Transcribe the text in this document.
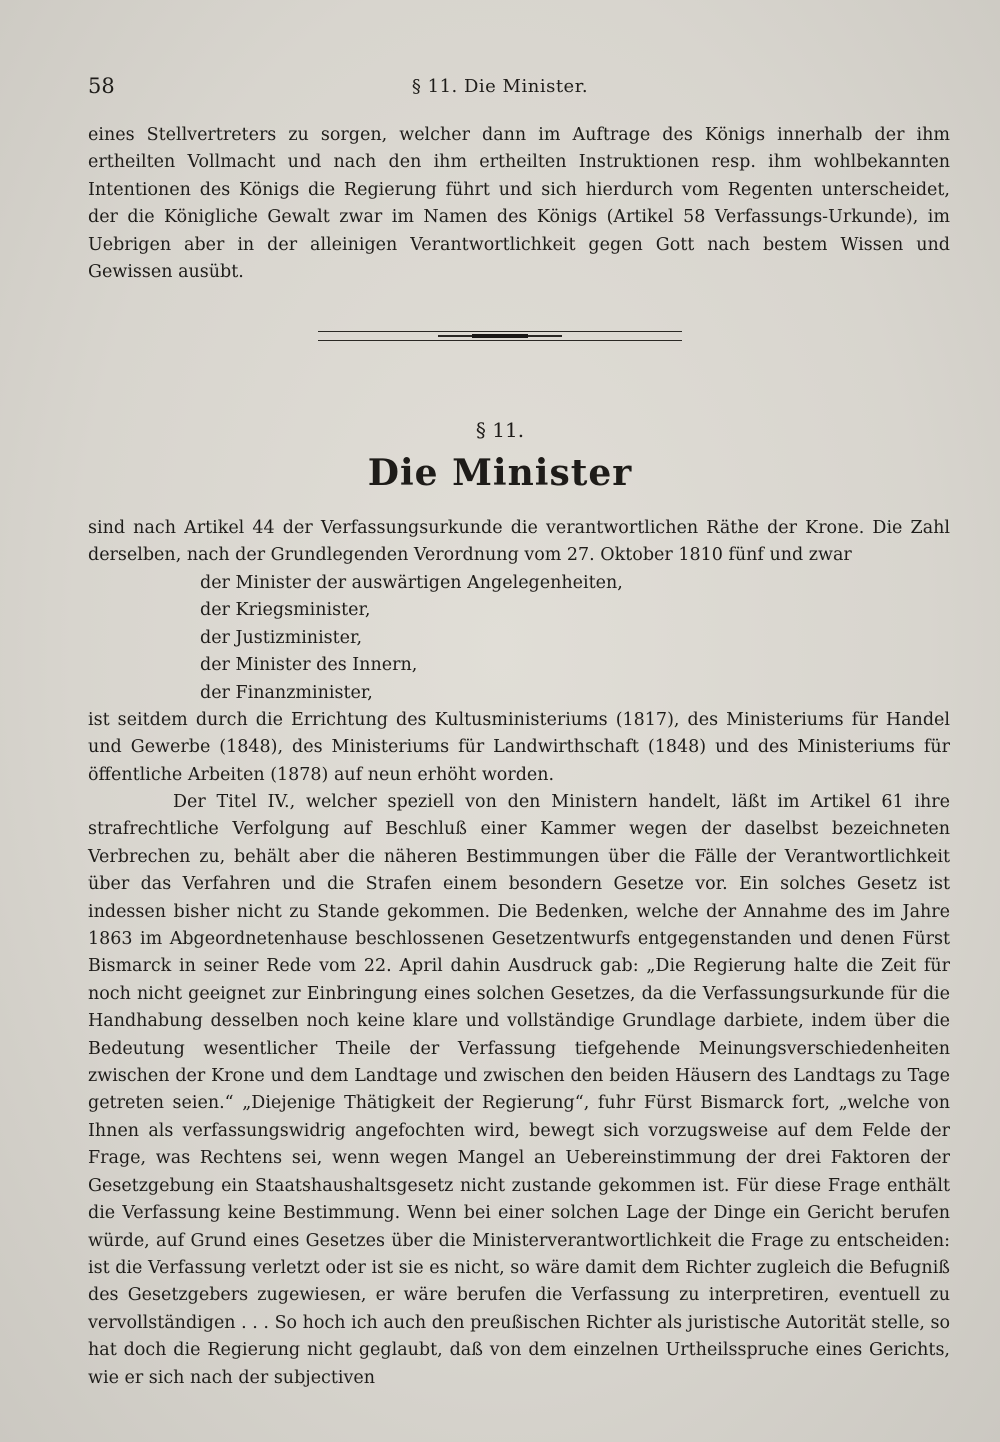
58	§ 11. Die Minister.

eines Stellvertreters zu sorgen, welcher dann im Auftrage des Königs innerhalb der ihm ertheilten Vollmacht und nach den ihm ertheilten Instruktionen resp. ihm wohlbekannten Intentionen des Königs die Regierung führt und sich hierdurch vom Regenten unterscheidet, der die Königliche Gewalt zwar im Namen des Königs (Artikel 58 Verfassungs-Urkunde), im Uebrigen aber in der alleinigen Verantwortlichkeit gegen Gott nach bestem Wissen und Gewissen ausübt.

§ 11.
Die Minister

sind nach Artikel 44 der Verfassungsurkunde die verantwortlichen Räthe der Krone. Die Zahl derselben, nach der Grundlegenden Verordnung vom 27. Oktober 1810 fünf und zwar

der Minister der auswärtigen Angelegenheiten,
der Kriegsminister,
der Justizminister,
der Minister des Innern,
der Finanzminister,

ist seitdem durch die Errichtung des Kultusministeriums (1817), des Ministeriums für Handel und Gewerbe (1848), des Ministeriums für Landwirthschaft (1848) und des Ministeriums für öffentliche Arbeiten (1878) auf neun erhöht worden.

Der Titel IV., welcher speziell von den Ministern handelt, läßt im Artikel 61 ihre strafrechtliche Verfolgung auf Beschluß einer Kammer wegen der daselbst bezeichneten Verbrechen zu, behält aber die näheren Bestimmungen über die Fälle der Verantwortlichkeit über das Verfahren und die Strafen einem besondern Gesetze vor. Ein solches Gesetz ist indessen bisher nicht zu Stande gekommen. Die Bedenken, welche der Annahme des im Jahre 1863 im Abgeordnetenhause beschlossenen Gesetzentwurfs entgegenstanden und denen Fürst Bismarck in seiner Rede vom 22. April dahin Ausdruck gab: „Die Regierung halte die Zeit für noch nicht geeignet zur Einbringung eines solchen Gesetzes, da die Verfassungsurkunde für die Handhabung desselben noch keine klare und vollständige Grundlage darbiete, indem über die Bedeutung wesentlicher Theile der Verfassung tiefgehende Meinungsverschiedenheiten zwischen der Krone und dem Landtage und zwischen den beiden Häusern des Landtags zu Tage getreten seien.“ „Diejenige Thätigkeit der Regierung“, fuhr Fürst Bismarck fort, „welche von Ihnen als verfassungswidrig angefochten wird, bewegt sich vorzugsweise auf dem Felde der Frage, was Rechtens sei, wenn wegen Mangel an Uebereinstimmung der drei Faktoren der Gesetzgebung ein Staatshaushaltsgesetz nicht zustande gekommen ist. Für diese Frage enthält die Verfassung keine Bestimmung. Wenn bei einer solchen Lage der Dinge ein Gericht berufen würde, auf Grund eines Gesetzes über die Ministerverantwortlichkeit die Frage zu entscheiden: ist die Verfassung verletzt oder ist sie es nicht, so wäre damit dem Richter zugleich die Befugniß des Gesetzgebers zugewiesen, er wäre berufen die Verfassung zu interpretiren, eventuell zu vervollständigen . . . So hoch ich auch den preußischen Richter als juristische Autorität stelle, so hat doch die Regierung nicht geglaubt, daß von dem einzelnen Urtheilsspruche eines Gerichts, wie er sich nach der subjectiven
